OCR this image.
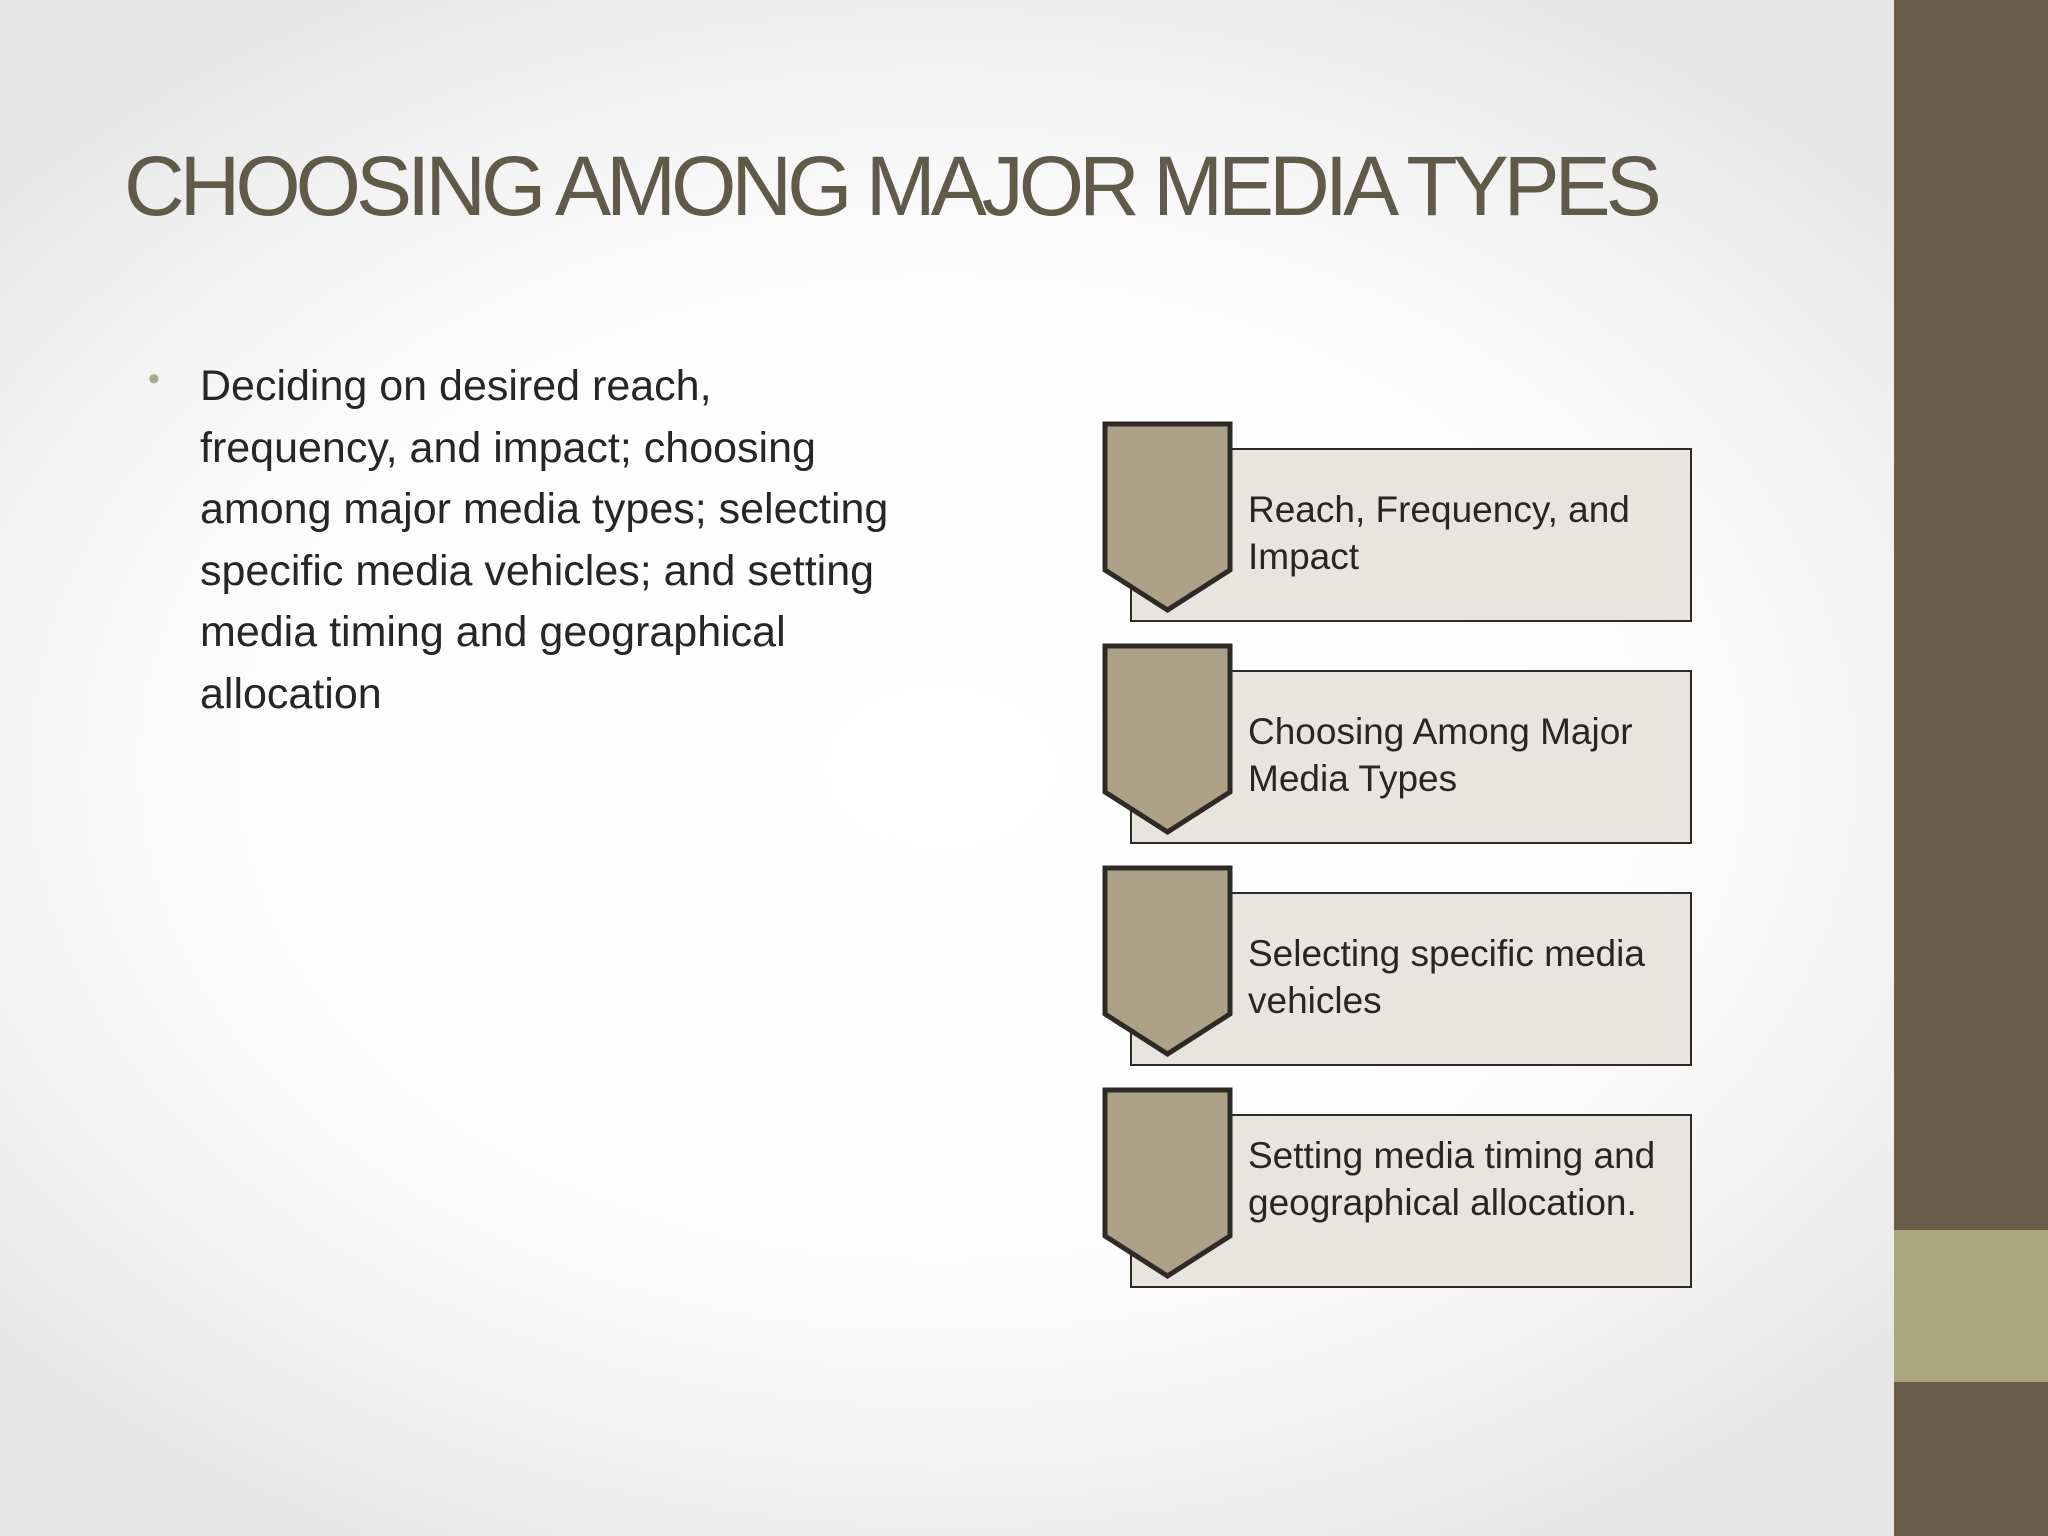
CHOOSING AMONG MAJOR MEDIA TYPES
• Deciding on desired reach, frequency, and impact; choosing among major media types; selecting specific media vehicles; and setting media timing and geographical allocation
Reach, Frequency, and Impact
Choosing Among Major Media Types
Selecting specific media vehicles
Setting media timing and geographical allocation.
